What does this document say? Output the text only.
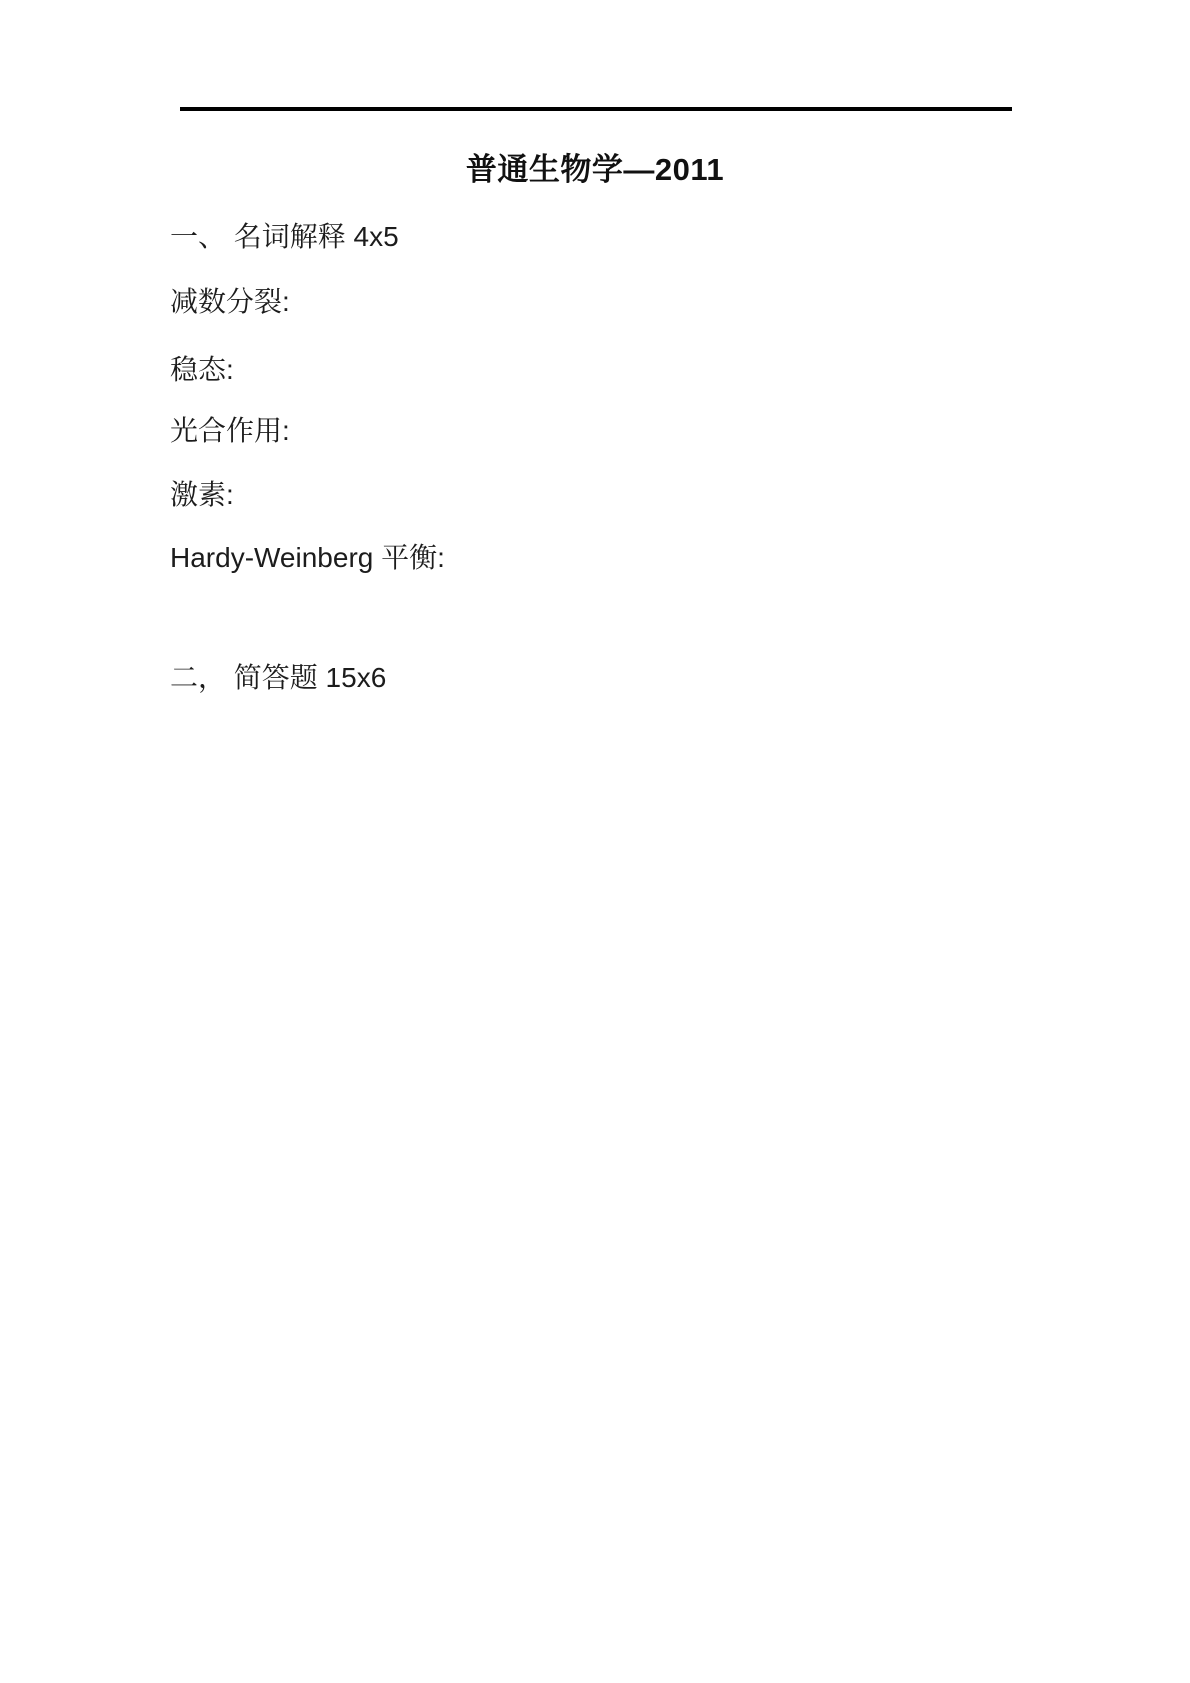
普通生物学—2011

一、 名词解释 4x5

减数分裂:

稳态:

光合作用:

激素:

Hardy-Weinberg 平衡:

二， 简答题 15x6
